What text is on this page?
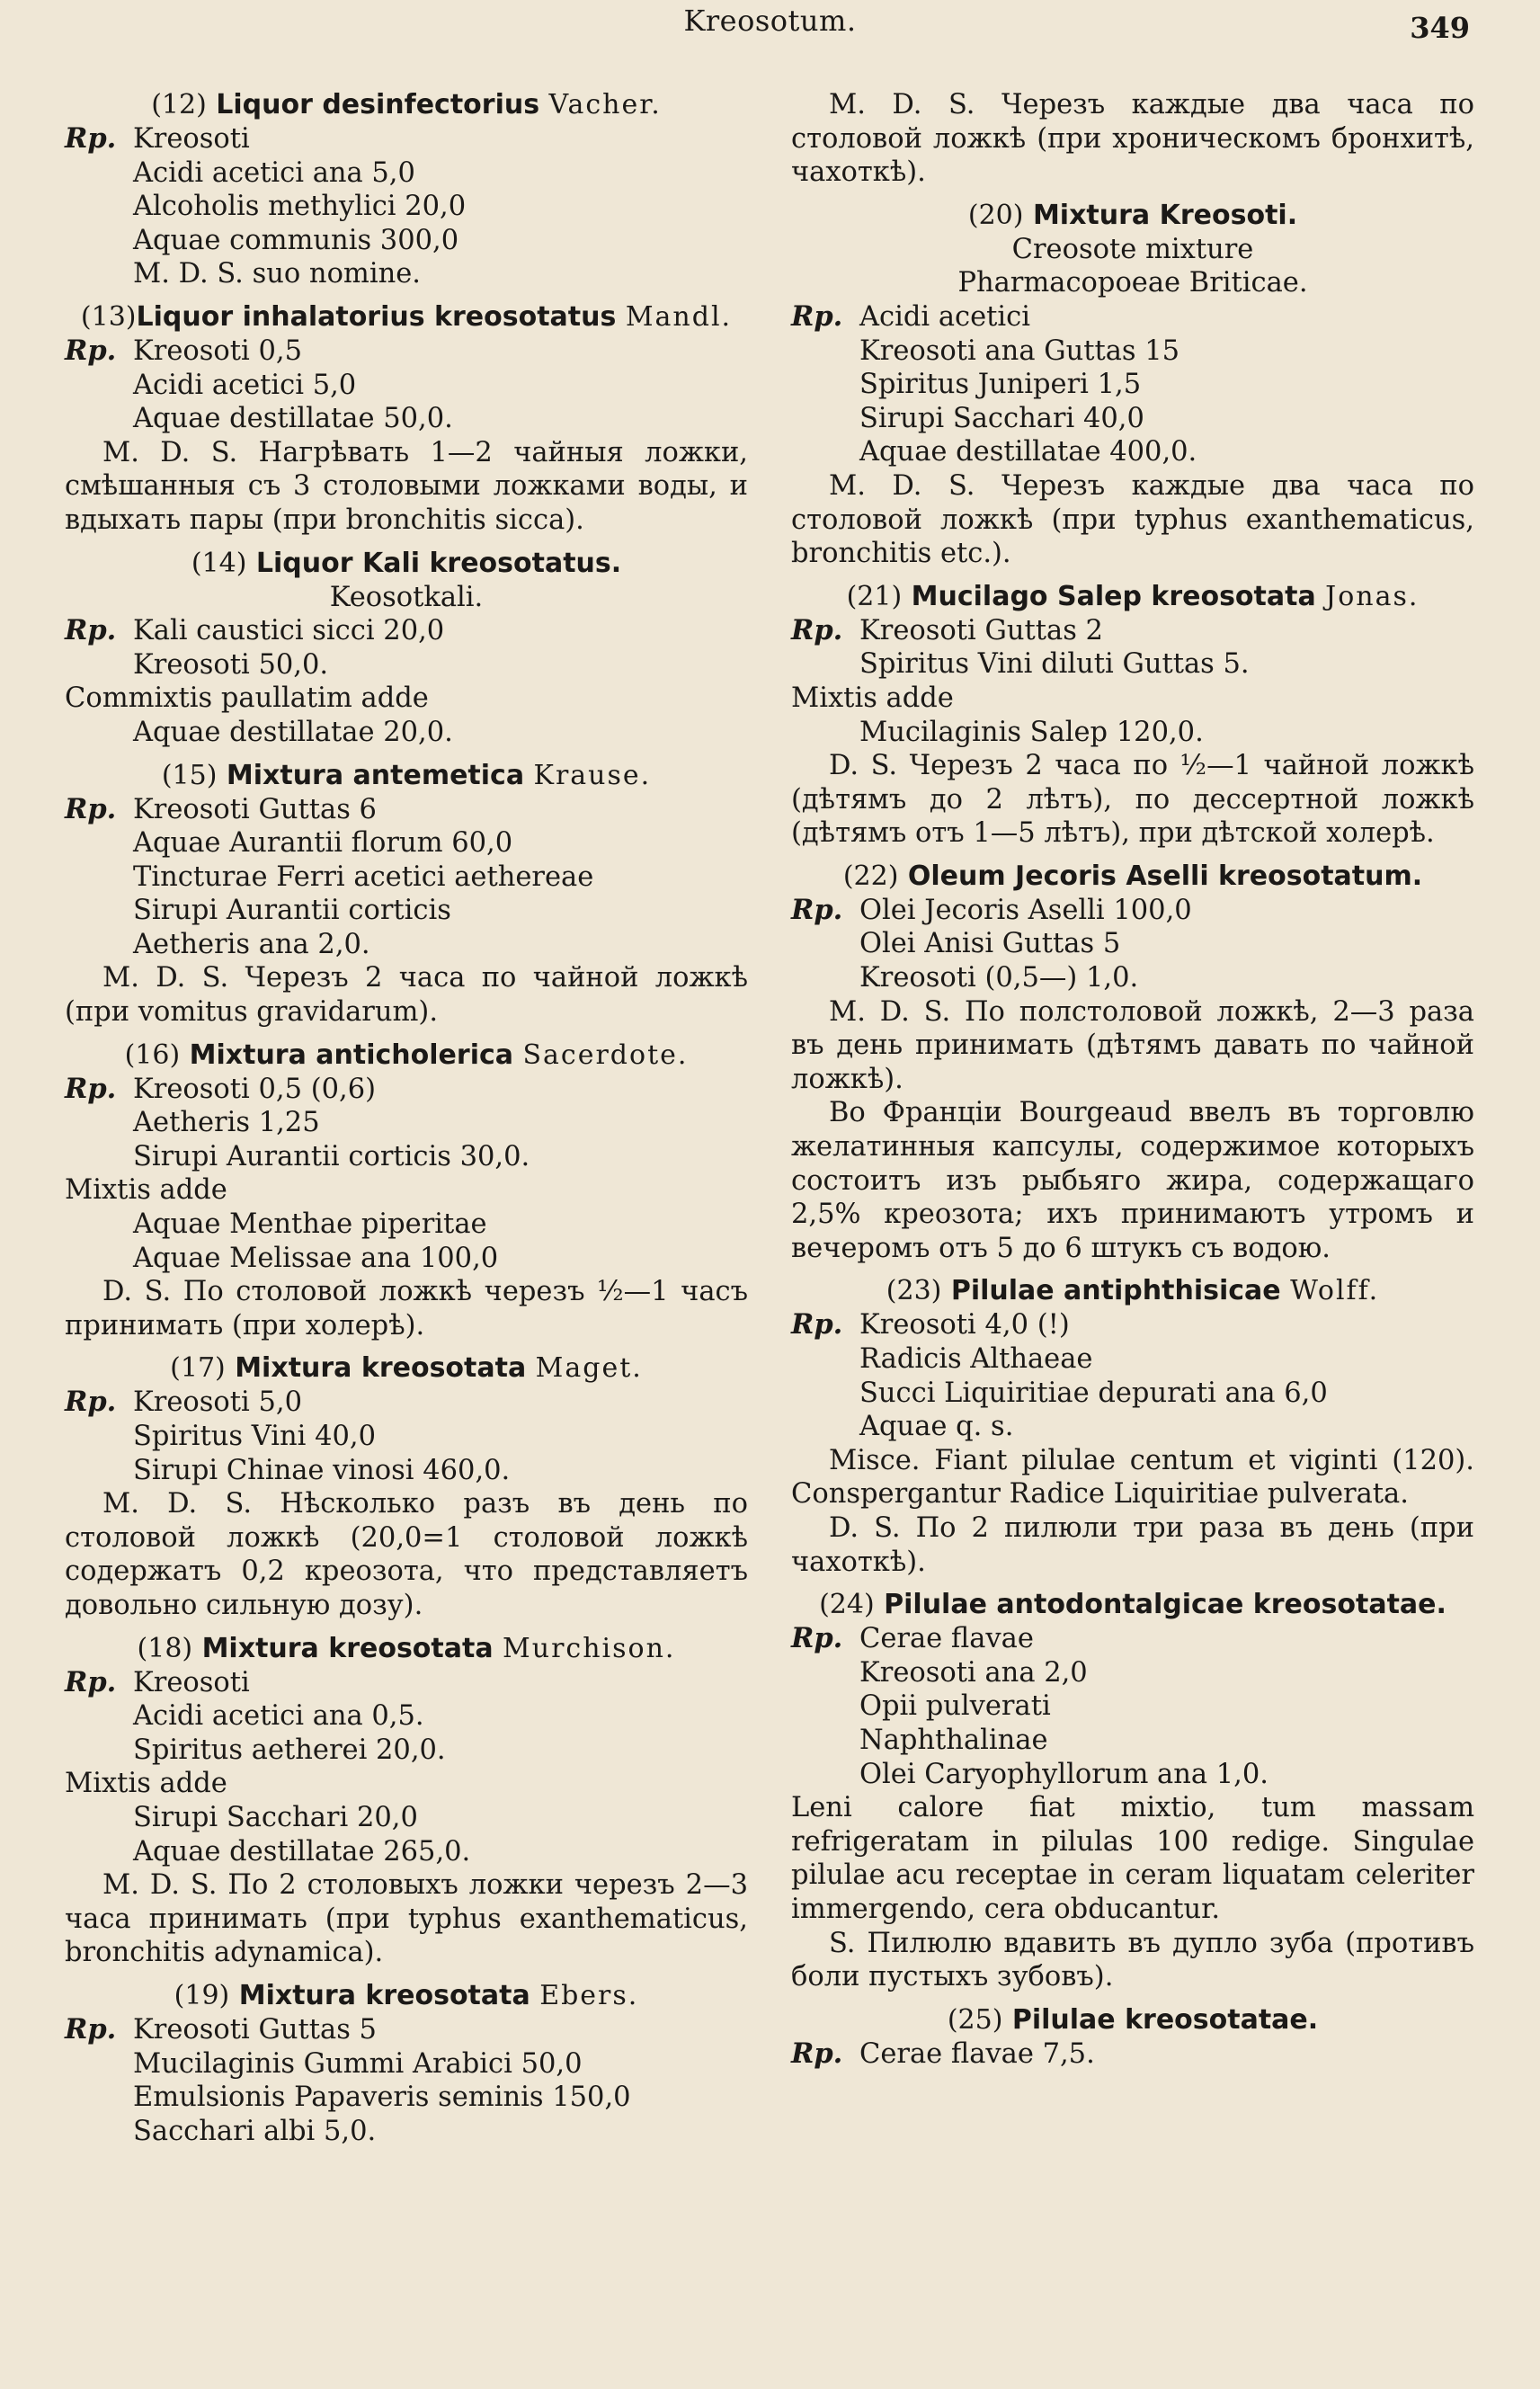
Kreosotum.	349
(12) Liquor desinfectorius Vacher.
Rp. Kreosoti
Acidi acetici ana 5,0
Alcoholis methylici 20,0
Aquae communis 300,0
M. D. S. suo nomine.
(13)Liquor inhalatorius kreosotatus Mandl.
Rp. Kreosoti 0,5
Acidi acetici 5,0
Aquae destillatae 50,0.
M. D. S. Нагрѣвать 1—2 чайныя ложки, смѣшанныя съ 3 столовыми ложками воды, и вдыхать пары (при bronchitis sicca).
(14) Liquor Kali kreosotatus.
Keosotkali.
Rp. Kali caustici sicci 20,0
Kreosoti 50,0.
Commixtis paullatim adde
Aquae destillatae 20,0.
(15) Mixtura antemetica Krause.
Rp. Kreosoti Guttas 6
Aquae Aurantii florum 60,0
Tincturae Ferri acetici aethereae
Sirupi Aurantii corticis
Aetheris ana 2,0.
M. D. S. Черезъ 2 часа по чайной ложкѣ (при vomitus gravidarum).
(16) Mixtura anticholerica Sacerdote.
Rp. Kreosoti 0,5 (0,6)
Aetheris 1,25
Sirupi Aurantii corticis 30,0.
Mixtis adde
Aquae Menthae piperitae
Aquae Melissae ana 100,0
D. S. По столовой ложкѣ черезъ ½—1 часъ принимать (при холерѣ).
(17) Mixtura kreosotata Maget.
Rp. Kreosoti 5,0
Spiritus Vini 40,0
Sirupi Chinae vinosi 460,0.
M. D. S. Нѣсколько разъ въ день по столовой ложкѣ (20,0=1 столовой ложкѣ содержатъ 0,2 креозота, что представляетъ довольно сильную дозу).
(18) Mixtura kreosotata Murchison.
Rp. Kreosoti
Acidi acetici ana 0,5.
Spiritus aetherei 20,0.
Mixtis adde
Sirupi Sacchari 20,0
Aquae destillatae 265,0.
M. D. S. По 2 столовыхъ ложки черезъ 2—3 часа принимать (при typhus exanthematicus, bronchitis adynamica).
(19) Mixtura kreosotata Ebers.
Rp. Kreosoti Guttas 5
Mucilaginis Gummi Arabici 50,0
Emulsionis Papaveris seminis 150,0
Sacchari albi 5,0.
M. D. S. Черезъ каждые два часа по столовой ложкѣ (при хроническомъ бронхитѣ, чахоткѣ).
(20) Mixtura Kreosoti.
Creosote mixture
Pharmacopoeae Briticae.
Rp. Acidi acetici
Kreosoti ana Guttas 15
Spiritus Juniperi 1,5
Sirupi Sacchari 40,0
Aquae destillatae 400,0.
M. D. S. Черезъ каждые два часа по столовой ложкѣ (при typhus exanthematicus, bronchitis etc.).
(21) Mucilago Salep kreosotata Jonas.
Rp. Kreosoti Guttas 2
Spiritus Vini diluti Guttas 5.
Mixtis adde
Mucilaginis Salep 120,0.
D. S. Черезъ 2 часа по ½—1 чайной ложкѣ (дѣтямъ до 2 лѣтъ), по дессертной ложкѣ (дѣтямъ отъ 1—5 лѣтъ), при дѣтской холерѣ.
(22) Oleum Jecoris Aselli kreosotatum.
Rp. Olei Jecoris Aselli 100,0
Olei Anisi Guttas 5
Kreosoti (0,5—) 1,0.
M. D. S. По полстоловой ложкѣ, 2—3 раза въ день принимать (дѣтямъ давать по чайной ложкѣ).
Во Франціи Bourgeaud ввелъ въ торговлю желатинныя капсулы, содержимое которыхъ состоитъ изъ рыбьяго жира, содержащаго 2,5% креозота; ихъ принимаютъ утромъ и вечеромъ отъ 5 до 6 штукъ съ водою.
(23) Pilulae antiphthisicae Wolff.
Rp. Kreosoti 4,0 (!)
Radicis Althaeae
Succi Liquiritiae depurati ana 6,0
Aquae q. s.
Misce. Fiant pilulae centum et viginti (120). Conspergantur Radice Liquiritiae pulverata.
D. S. По 2 пилюли три раза въ день (при чахоткѣ).
(24) Pilulae antodontalgicae kreosotatae.
Rp. Cerae flavae
Kreosoti ana 2,0
Opii pulverati
Naphthalinae
Olei Caryophyllorum ana 1,0.
Leni calore fiat mixtio, tum massam refrigeratam in pilulas 100 redige. Singulae pilulae acu receptae in ceram liquatam celeriter immergendo, cera obducantur.
S. Пилюлю вдавить въ дупло зуба (противъ боли пустыхъ зубовъ).
(25) Pilulae kreosotatae.
Rp. Cerae flavae 7,5.
